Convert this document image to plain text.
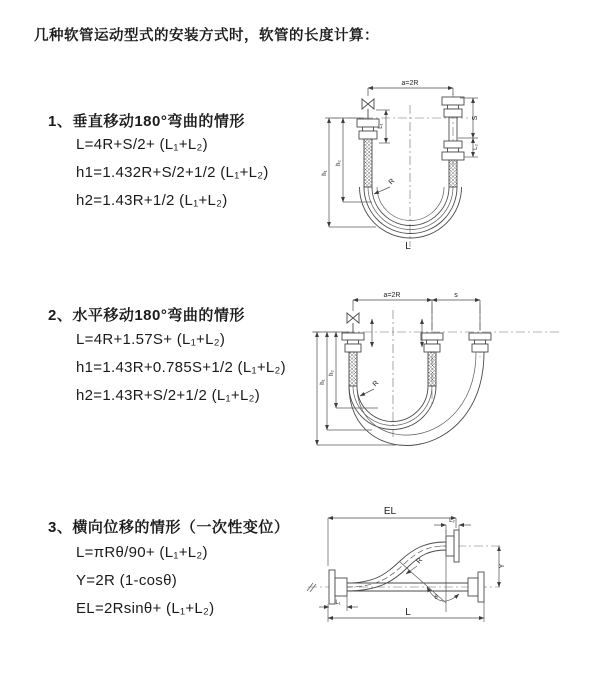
几种软管运动型式的安装方式时，软管的长度计算：
1、垂直移动180°弯曲的情形
L=4R+S/2+ (L₁+L₂)
h1=1.432R+S/2+1/2 (L₁+L₂)
h2=1.43R+1/2 (L₁+L₂)
2、水平移动180°弯曲的情形
L=4R+1.57S+ (L₁+L₂)
h1=1.43R+0.785S+1/2 (L₁+L₂)
h2=1.43R+S/2+1/2 (L₁+L₂)
3、横向位移的情形（一次性变位）
L=πRθ/90+ (L₁+L₂)
Y=2R (1-cosθ)
EL=2Rsinθ+ (L₁+L₂)
a=2R
L₁
S
L₂
h₂
h₁
R
L
a=2R	s
h₂
h₁	R
EL
L₂
R
θ
Y
L₁
L
